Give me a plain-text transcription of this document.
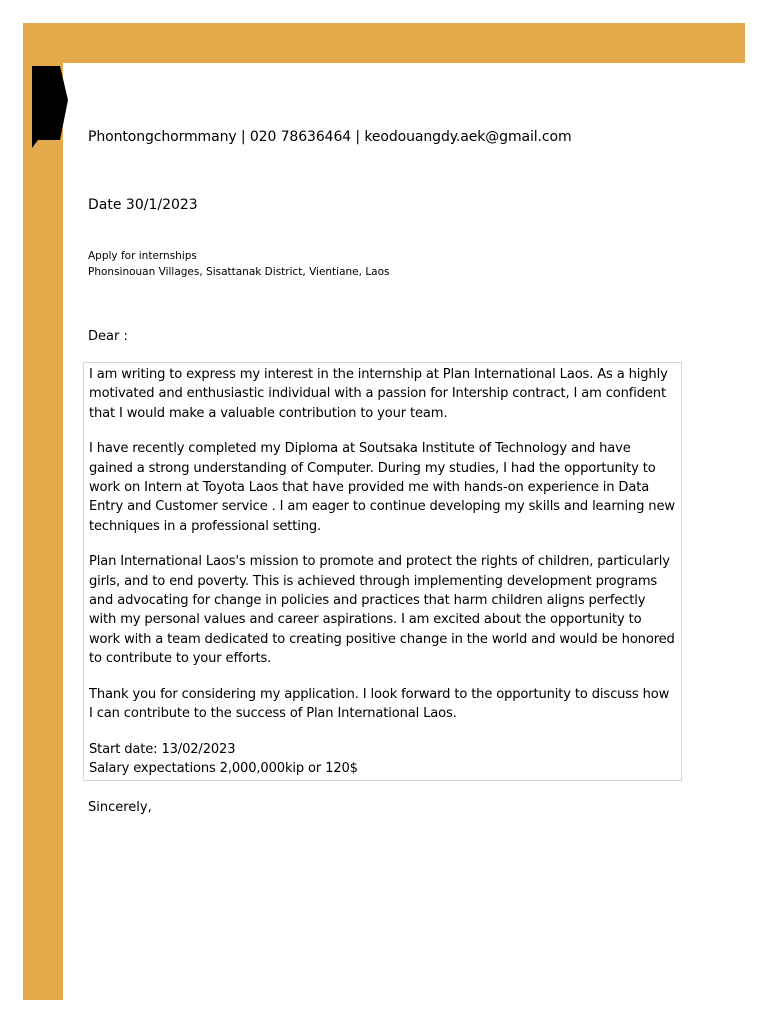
Phontongchormmany | 020 78636464 | keodouangdy.aek@gmail.com
Date 30/1/2023
Apply for internships
Phonsinouan Villages, Sisattanak District, Vientiane, Laos
Dear :

I am writing to express my interest in the internship at Plan International Laos. As a highly motivated and enthusiastic individual with a passion for Intership contract, I am confident that I would make a valuable contribution to your team.

I have recently completed my Diploma at Soutsaka Institute of Technology and have gained a strong understanding of Computer. During my studies, I had the opportunity to work on Intern at Toyota Laos that have provided me with hands-on experience in Data Entry and Customer service . I am eager to continue developing my skills and learning new techniques in a professional setting.

Plan International Laos's mission to promote and protect the rights of children, particularly girls, and to end poverty. This is achieved through implementing development programs and advocating for change in policies and practices that harm children aligns perfectly with my personal values and career aspirations. I am excited about the opportunity to work with a team dedicated to creating positive change in the world and would be honored to contribute to your efforts.

Thank you for considering my application. I look forward to the opportunity to discuss how I can contribute to the success of Plan International Laos.

Start date: 13/02/2023
Salary expectations 2,000,000kip or 120$
Sincerely,
